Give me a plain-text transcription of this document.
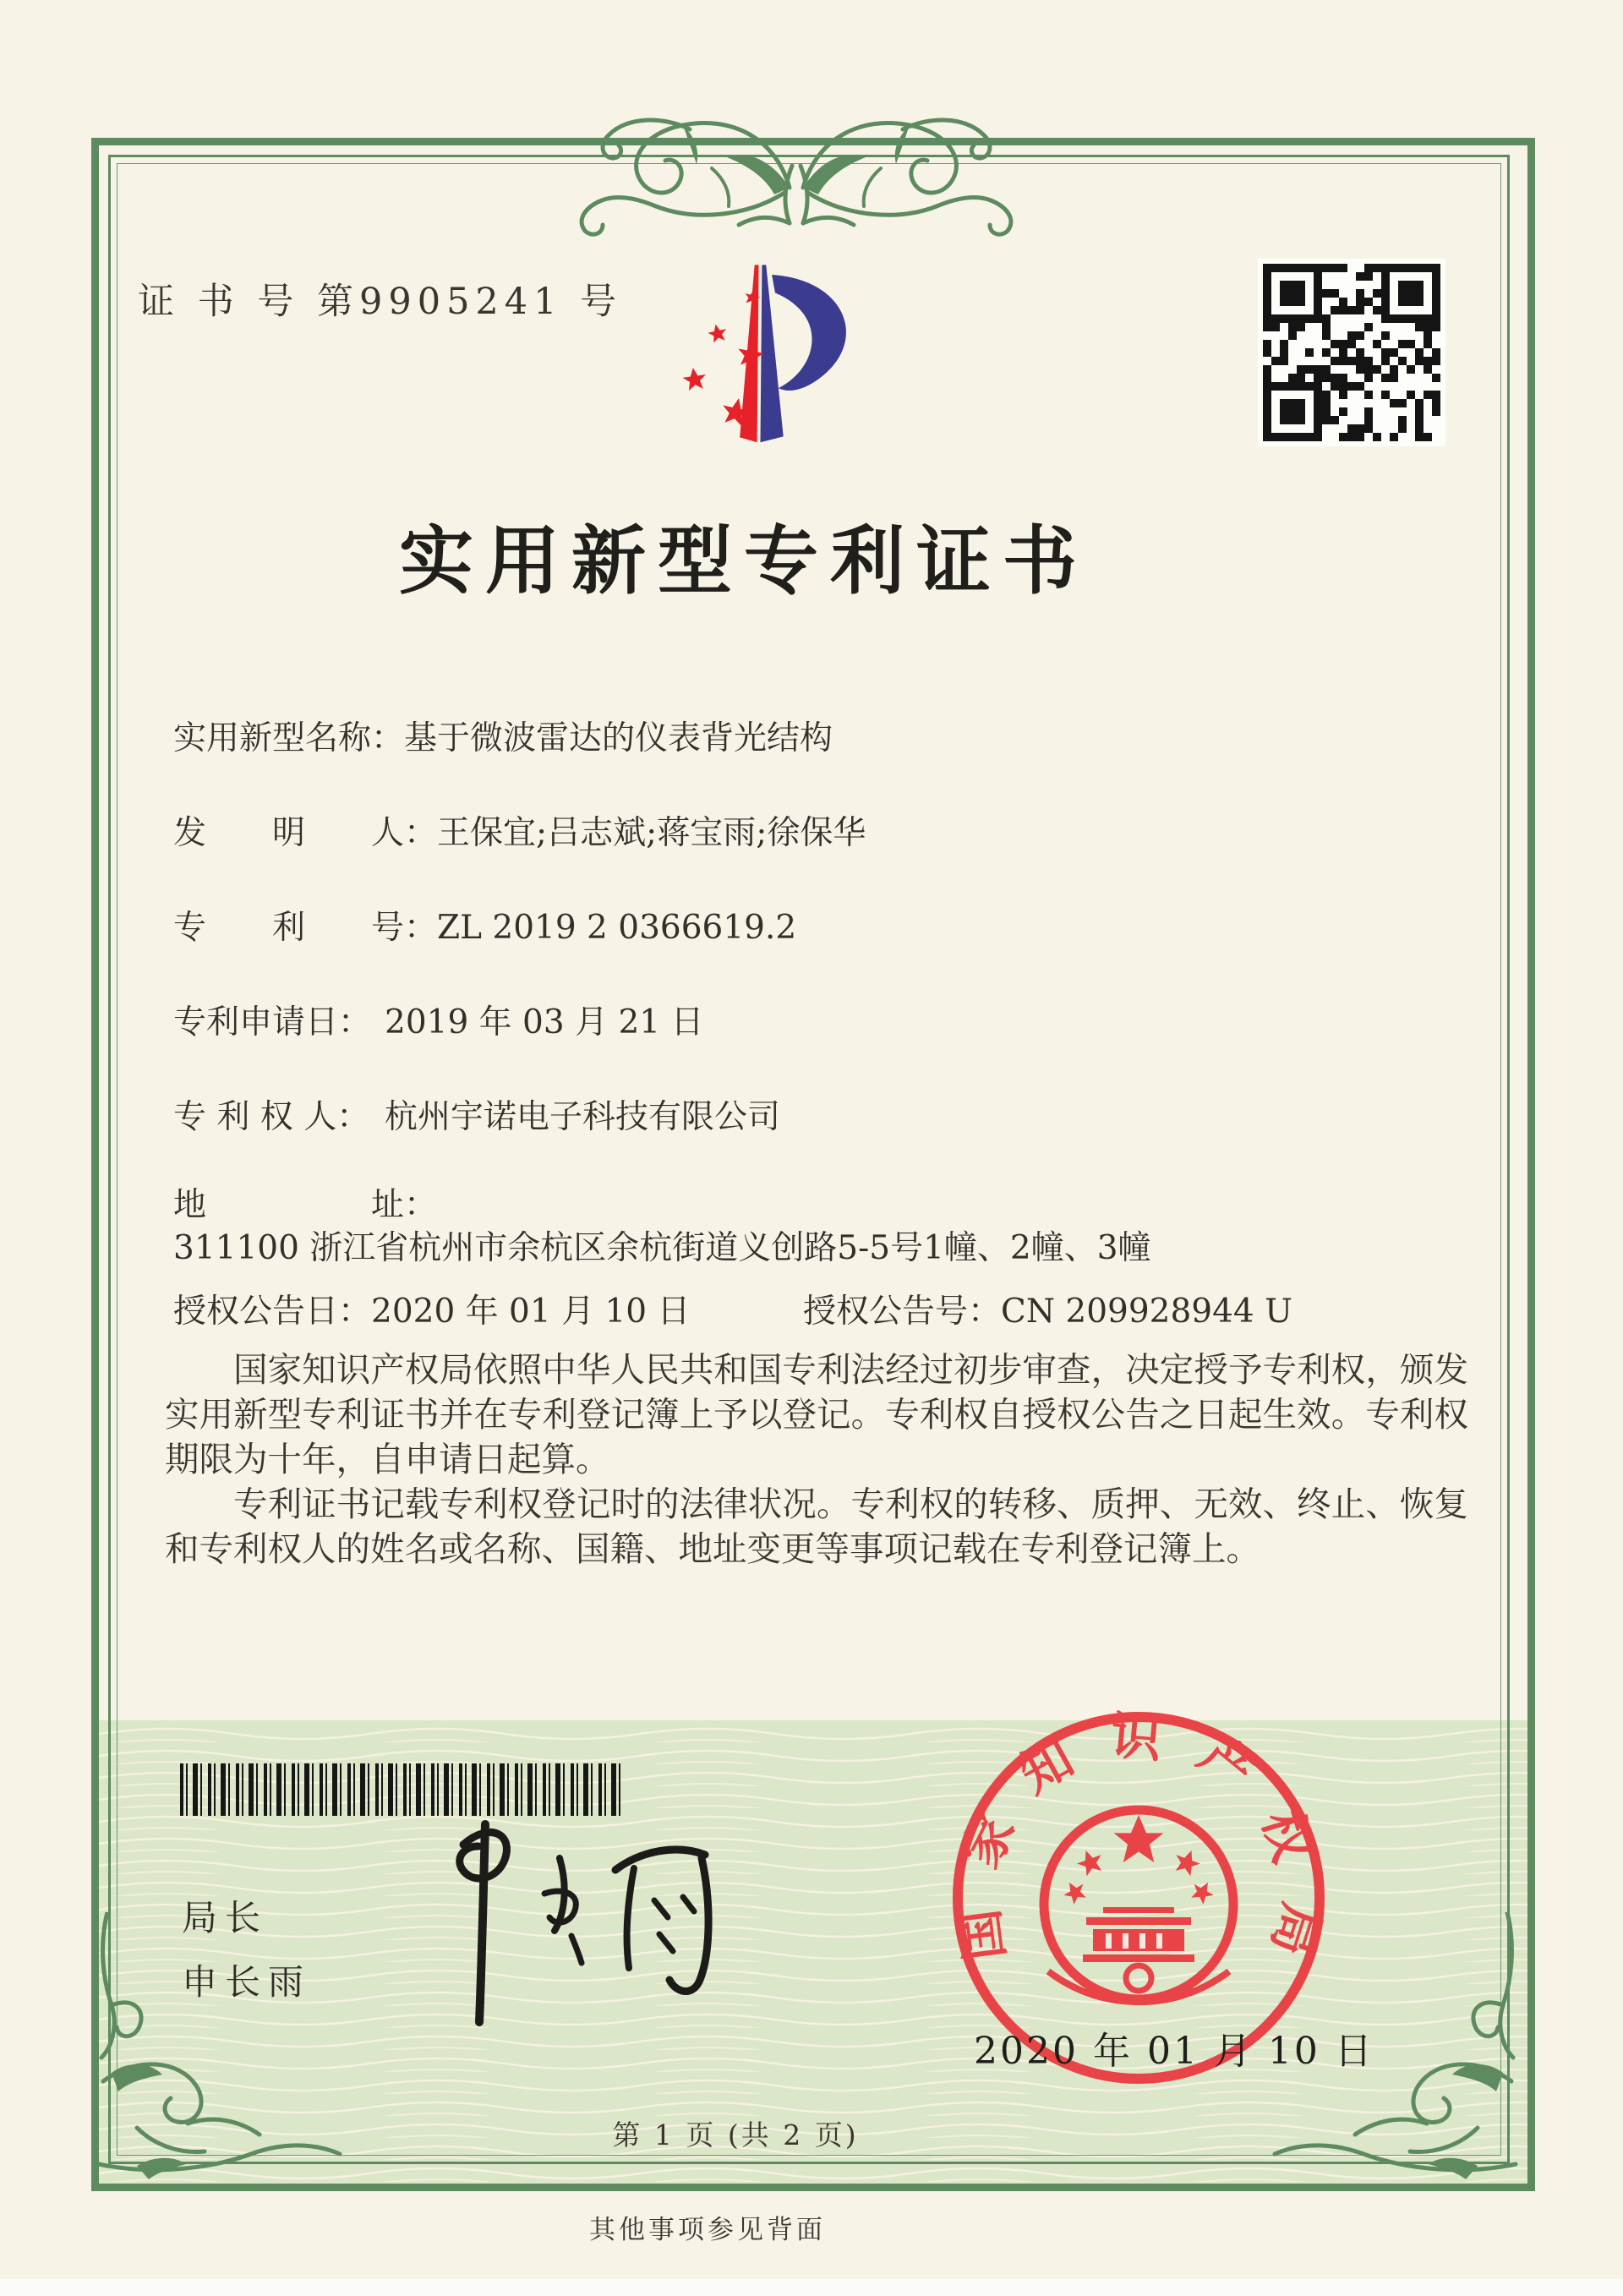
证 书 号 第9905241 号
实用新型专利证书
实用新型名称：基于微波雷达的仪表背光结构
发　　明　　人：王保宜;吕志斌;蒋宝雨;徐保华
专　　利　　号：ZL 2019 2 0366619.2
专利申请日： 2019 年 03 月 21 日
专 利 权 人： 杭州宇诺电子科技有限公司
地　　　　　址：311100 浙江省杭州市余杭区余杭街道义创路5-5号1幢、2幢、3幢
授权公告日：2020 年 01 月 10 日	授权公告号：CN 209928944 U

国家知识产权局依照中华人民共和国专利法经过初步审查，决定授予专利权，颁发实用新型专利证书并在专利登记簿上予以登记。专利权自授权公告之日起生效。专利权期限为十年，自申请日起算。

专利证书记载专利权登记时的法律状况。专利权的转移、质押、无效、终止、恢复和专利权人的姓名或名称、国籍、地址变更等事项记载在专利登记簿上。

局长
申长雨
国家知识产权局
2020 年 01 月 10 日
第 1 页 (共 2 页)
其他事项参见背面
